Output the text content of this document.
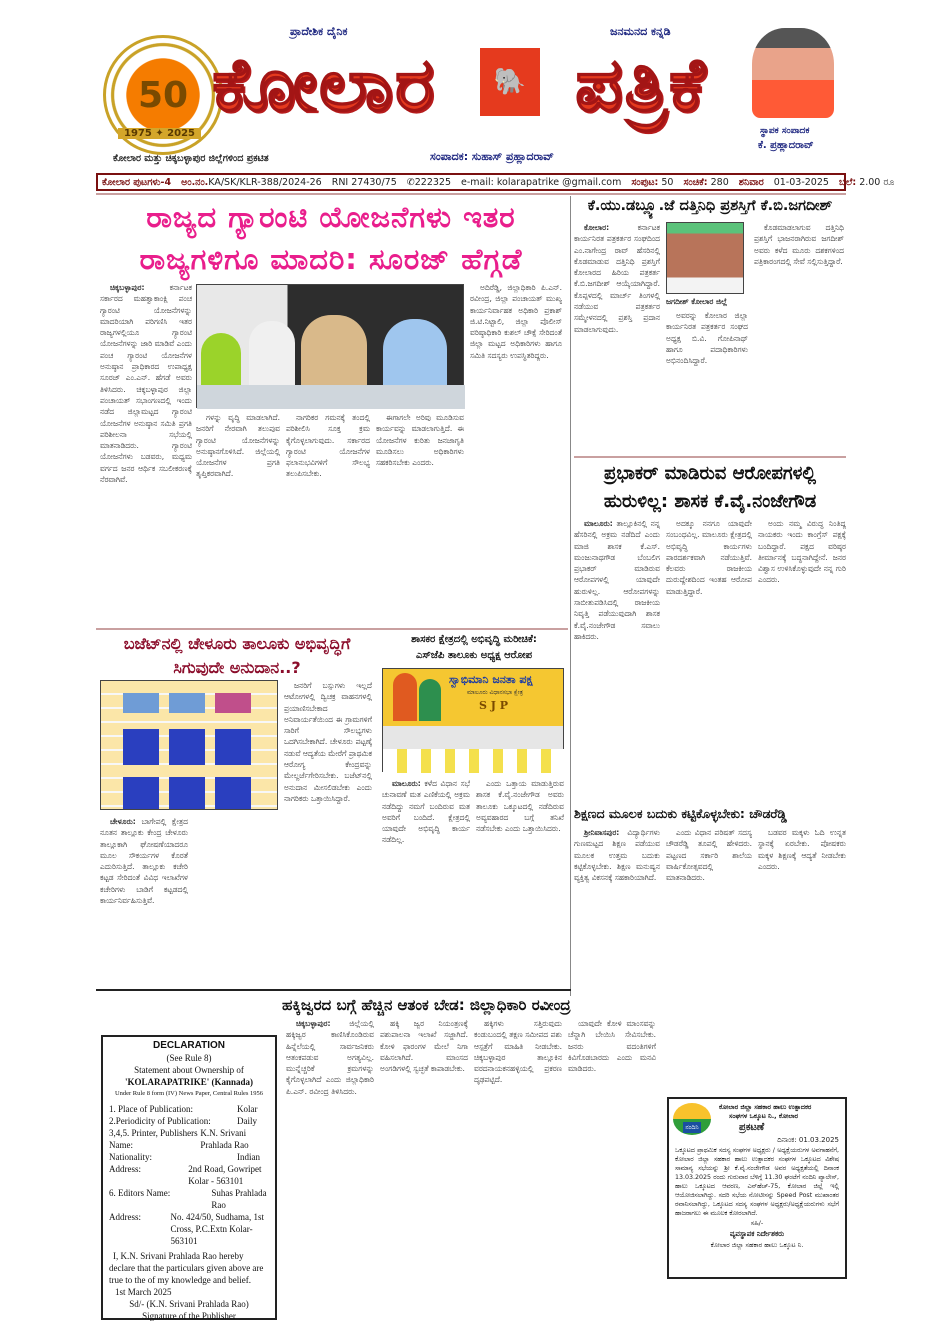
50
1975 ✦ 2025
ಪ್ರಾದೇಶಿಕ ದೈನಿಕ	ಜನಮನದ ಕನ್ನಡಿ
ಕೋಲಾರ	🐘 ಪತ್ರಿಕೆ
ಸ್ಥಾಪಕ ಸಂಪಾದಕ
ಕೆ. ಪ್ರಹ್ಲಾದರಾವ್
ಕೋಲಾರ ಮತ್ತು ಚಿಕ್ಕಬಳ್ಳಾಪುರ ಜಿಲ್ಲೆಗಳಿಂದ ಪ್ರಕಟಿತ	ಸಂಪಾದಕ: ಸುಹಾಸ್ ಪ್ರಹ್ಲಾದರಾವ್
ಕೋಲಾರ ಪುಟಗಳು-4 ಅಂ.ನಂ.KA/SK/KLR-388/2024-26 RNI 27430/75 ✆222325 e-mail: kolarapatrike @gmail.com ಸಂಪುಟ: 50 ಸಂಚಿಕೆ: 280 ಶನಿವಾರ 01-03-2025 ಬೆಲೆ: 2.00 ರೂ
ರಾಜ್ಯದ ಗ್ಯಾರಂಟಿ ಯೋಜನೆಗಳು ಇತರ
ರಾಜ್ಯಗಳಿಗೂ ಮಾದರಿ: ಸೂರಜ್ ಹೆಗ್ಗಡೆ

ಚಿಕ್ಕಬಳ್ಳಾಪುರ:	ಕರ್ನಾಟಕ ಸರ್ಕಾರದ ಮಹತ್ವಾಕಾಂಕ್ಷಿ ಪಂಚ ಗ್ಯಾರಂಟಿ ಯೋಜನೆಗಳನ್ನು ಮಾದರಿಯಾಗಿ ಪರಿಗಣಿಸಿ ಇತರ ರಾಜ್ಯಗಳಲ್ಲಿಯೂ ಗ್ಯಾರಂಟಿ ಯೋಜನೆಗಳನ್ನು ಜಾರಿ ಮಾಡಿವೆ ಎಂದು ಪಂಚ ಗ್ಯಾರಂಟಿ ಯೋಜನೆಗಳ ಅನುಷ್ಠಾನ ಪ್ರಾಧಿಕಾರದ ಉಪಾಧ್ಯಕ್ಷ ಸೂರಜ್ ಎಂ.ಎನ್. ಹೆಗಡೆ ಅವರು ತಿಳಿಸಿದರು. ಚಿಕ್ಕಬಳ್ಳಾಪುರ ಜಿಲ್ಲಾ ಪಂಚಾಯತ್ ಸಭಾಂಗಣದಲ್ಲಿ ಇಂದು ನಡೆದ ಜಿಲ್ಲಾಮಟ್ಟದ ಗ್ಯಾರಂಟಿ ಯೋಜನೆಗಳ ಅನುಷ್ಠಾನ ಸಮಿತಿ ಪ್ರಗತಿ ಪರಿಶೀಲನಾ ಸಭೆಯಲ್ಲಿ ಮಾತನಾಡಿದರು. ಗ್ಯಾರಂಟಿ ಯೋಜನೆಗಳು ಬಡವರು, ಮಧ್ಯಮ ವರ್ಗದ ಜನರ ಆರ್ಥಿಕ ಸಬಲೀಕರಣಕ್ಕೆ ನೆರವಾಗಿವೆ.

ಗಳನ್ನು ವೃದ್ಧಿ ಮಾಡಲಾಗಿದೆ. ಜನರಿಗೆ ನೇರವಾಗಿ ತಲುಪುವ ಗ್ಯಾರಂಟಿ ಯೋಜನೆಗಳನ್ನು ಅನುಷ್ಠಾನಗೊಳಿಸಿದೆ. ಜಿಲ್ಲೆಯಲ್ಲಿ ಯೋಜನೆಗಳ ಪ್ರಗತಿ ತೃಪ್ತಿಕರವಾಗಿದೆ.

ನಾಗರಿಕರ ಗಮನಕ್ಕೆ ತಂದಲ್ಲಿ ಪರಿಶೀಲಿಸಿ ಸೂಕ್ತ ಕ್ರಮ ಕೈಗೊಳ್ಳಲಾಗುವುದು. ಸರ್ಕಾರದ ಗ್ಯಾರಂಟಿ ಯೋಜನೆಗಳ ಫಲಾನುಭವಿಗಳಿಗೆ ಸೌಲಭ್ಯ ತಲುಪಿಸಬೇಕು.

ಈಗಾಗಲೇ ಅರಿವು ಮೂಡಿಸುವ ಕಾರ್ಯವನ್ನು ಮಾಡಲಾಗುತ್ತಿದೆ. ಈ ಯೋಜನೆಗಳ ಕುರಿತು ಜನಜಾಗೃತಿ ಮೂಡಿಸಲು ಅಧಿಕಾರಿಗಳು ಸಹಕರಿಸಬೇಕು ಎಂದರು.

ಅದಿರೆಡ್ಡಿ, ಜಿಲ್ಲಾಧಿಕಾರಿ ಪಿ.ಎನ್. ರವೀಂದ್ರ, ಜಿಲ್ಲಾ ಪಂಚಾಯತ್ ಮುಖ್ಯ ಕಾರ್ಯನಿರ್ವಾಹಕ ಅಧಿಕಾರಿ ಪ್ರಕಾಶ್ ಜಿ.ಟಿ.ನಿಟ್ಟಾಲಿ, ಜಿಲ್ಲಾ ಪೊಲೀಸ್ ವರಿಷ್ಠಾಧಿಕಾರಿ ಕುಶಲ್ ಚೌಕ್ಸೆ ಸೇರಿದಂತೆ ಜಿಲ್ಲಾ ಮಟ್ಟದ ಅಧಿಕಾರಿಗಳು ಹಾಗೂ ಸಮಿತಿ ಸದಸ್ಯರು ಉಪಸ್ಥಿತರಿದ್ದರು.

ಕೆ.ಯು.ಡಬ್ಲ್ಯೂ.ಜೆ ದತ್ತಿನಿಧಿ ಪ್ರಶಸ್ತಿಗೆ ಕೆ.ಬಿ.ಜಗದೀಶ್

ಕೋಲಾರ:	ಕರ್ನಾಟಕ ಕಾರ್ಯನಿರತ ಪತ್ರಕರ್ತರ ಸಂಘದಿಂದ ಎಂ.ನಾಗೇಂದ್ರ ರಾವ್ ಹೆಸರಿನಲ್ಲಿ ಕೊಡಮಾಡುವ ದತ್ತಿನಿಧಿ ಪ್ರಶಸ್ತಿಗೆ ಕೋಲಾರದ ಹಿರಿಯ ಪತ್ರಕರ್ತ ಕೆ.ಬಿ.ಜಗದೀಶ್ ಆಯ್ಕೆಯಾಗಿದ್ದಾರೆ. ಕೊಪ್ಪಳದಲ್ಲಿ ಮಾರ್ಚ್ ತಿಂಗಳಲ್ಲಿ ನಡೆಯುವ ಪತ್ರಕರ್ತರ ಸಮ್ಮೇಳನದಲ್ಲಿ ಪ್ರಶಸ್ತಿ ಪ್ರದಾನ ಮಾಡಲಾಗುವುದು.

ಜಗದೀಶ್ ಕೋಲಾರ ಜಿಲ್ಲೆ

ಅವರನ್ನು ಕೋಲಾರ ಜಿಲ್ಲಾ ಕಾರ್ಯನಿರತ ಪತ್ರಕರ್ತರ ಸಂಘದ ಅಧ್ಯಕ್ಷ ಬಿ.ವಿ. ಗೋಪಿನಾಥ್ ಹಾಗೂ ಪದಾಧಿಕಾರಿಗಳು ಅಭಿನಂದಿಸಿದ್ದಾರೆ.

ಕೊಡಮಾಡಲಾಗುವ ದತ್ತಿನಿಧಿ ಪ್ರಶಸ್ತಿಗೆ ಭಾಜನರಾಗಿರುವ ಜಗದೀಶ್ ಅವರು ಕಳೆದ ಮೂರು ದಶಕಗಳಿಂದ ಪತ್ರಿಕಾರಂಗದಲ್ಲಿ ಸೇವೆ ಸಲ್ಲಿಸುತ್ತಿದ್ದಾರೆ.

ಪ್ರಭಾಕರ್ ಮಾಡಿರುವ ಆರೋಪಗಳಲ್ಲಿ
ಹುರುಳಿಲ್ಲ: ಶಾಸಕ ಕೆ.ವೈ.ನಂಜೇಗೌಡ

ಮಾಲೂರು: ತಾಲ್ಲೂಕಿನಲ್ಲಿ ನನ್ನ ಹೆಸರಿನಲ್ಲಿ ಅಕ್ರಮ ನಡೆದಿದೆ ಎಂದು ಮಾಜಿ ಶಾಸಕ ಕೆ.ಎಸ್. ಮಂಜುನಾಥಗೌಡ ಬೆಂಬಲಿಗ ಪ್ರಭಾಕರ್ ಮಾಡಿರುವ ಆರೋಪಗಳಲ್ಲಿ ಯಾವುದೇ ಹುರುಳಿಲ್ಲ. ಆರೋಪಗಳನ್ನು ಸಾಬೀತುಪಡಿಸಿದಲ್ಲಿ ರಾಜಕೀಯ ನಿವೃತ್ತಿ ಪಡೆಯುವುದಾಗಿ ಶಾಸಕ ಕೆ.ವೈ.ನಂಜೇಗೌಡ ಸವಾಲು ಹಾಕಿದರು.

ಅದಕ್ಕೂ ನನಗೂ ಯಾವುದೇ ಸಂಬಂಧವಿಲ್ಲ. ಮಾಲೂರು ಕ್ಷೇತ್ರದಲ್ಲಿ ಅಭಿವೃದ್ಧಿ ಕಾರ್ಯಗಳು ಪಾರದರ್ಶಕವಾಗಿ ನಡೆಯುತ್ತಿವೆ. ಕೆಲವರು ರಾಜಕೀಯ ದುರುದ್ದೇಶದಿಂದ ಇಂತಹ ಆರೋಪ ಮಾಡುತ್ತಿದ್ದಾರೆ.

ಅಂದು ನಮ್ಮ ವಿರುದ್ಧ ನಿಂತಿದ್ದ ನಾಯಕರು ಇಂದು ಕಾಂಗ್ರೆಸ್ ಪಕ್ಷಕ್ಕೆ ಬಂದಿದ್ದಾರೆ. ಪಕ್ಷದ ವರಿಷ್ಠರ ತೀರ್ಮಾನಕ್ಕೆ ಬದ್ಧನಾಗಿದ್ದೇನೆ. ಜನರ ವಿಶ್ವಾಸ ಉಳಿಸಿಕೊಳ್ಳುವುದೇ ನನ್ನ ಗುರಿ ಎಂದರು.

ಶಿಕ್ಷಣದ ಮೂಲಕ ಬದುಕು ಕಟ್ಟಿಕೊಳ್ಳಬೇಕು: ಚೌಡರೆಡ್ಡಿ

ಶ್ರೀನಿವಾಸಪುರ: ವಿದ್ಯಾರ್ಥಿಗಳು ಗುಣಮಟ್ಟದ ಶಿಕ್ಷಣ ಪಡೆಯುವ ಮೂಲಕ ಉತ್ತಮ ಬದುಕು ಕಟ್ಟಿಕೊಳ್ಳಬೇಕು. ಶಿಕ್ಷಣ ಮನುಷ್ಯನ ವ್ಯಕ್ತಿತ್ವ ವಿಕಸನಕ್ಕೆ ಸಹಕಾರಿಯಾಗಿದೆ.

ಎಂದು ವಿಧಾನ ಪರಿಷತ್ ಸದಸ್ಯ ಚೌಡರೆಡ್ಡಿ ತೂಪಲ್ಲಿ ಹೇಳಿದರು. ಪಟ್ಟಣದ ಸರ್ಕಾರಿ ಶಾಲೆಯ ವಾರ್ಷಿಕೋತ್ಸವದಲ್ಲಿ ಮಾತನಾಡಿದರು.

ಬಡವರ ಮಕ್ಕಳು ಓದಿ ಉನ್ನತ ಸ್ಥಾನಕ್ಕೆ ಏರಬೇಕು. ಪೋಷಕರು ಮಕ್ಕಳ ಶಿಕ್ಷಣಕ್ಕೆ ಆದ್ಯತೆ ನೀಡಬೇಕು ಎಂದರು.

ಬಜೆಟ್‌ನಲ್ಲಿ ಚೇಳೂರು ತಾಲೂಕು ಅಭಿವೃದ್ಧಿಗೆ
ಸಿಗುವುದೇ ಅನುದಾನ..?

ಚೇಳೂರು: ಬಾಗೇಪಲ್ಲಿ ಕ್ಷೇತ್ರದ ನೂತನ ತಾಲ್ಲೂಕು ಕೇಂದ್ರ ಚೇಳೂರು ತಾಲ್ಲೂಕಾಗಿ ಘೋಷಣೆಯಾದರೂ ಮೂಲ ಸೌಕರ್ಯಗಳ ಕೊರತೆ ಎದುರಿಸುತ್ತಿದೆ. ತಾಲ್ಲೂಕು ಕಚೇರಿ ಕಟ್ಟಡ ಸೇರಿದಂತೆ ವಿವಿಧ ಇಲಾಖೆಗಳ ಕಚೇರಿಗಳು ಬಾಡಿಗೆ ಕಟ್ಟಡದಲ್ಲಿ ಕಾರ್ಯನಿರ್ವಹಿಸುತ್ತಿವೆ.

ಜನರಿಗೆ ಬಸ್ಸುಗಳು ಇಲ್ಲದೆ ಆಟೋಗಳಲ್ಲಿ ದ್ವಿಚಕ್ರ ವಾಹನಗಳಲ್ಲಿ ಪ್ರಯಾಣಿಸಬೇಕಾದ ಅನಿವಾರ್ಯತೆಯಿಂದ ಈ ಗ್ರಾಮಗಳಿಗೆ ಸಾರಿಗೆ ಸೌಲಭ್ಯಗಳು ಒದಗಿಸಬೇಕಾಗಿದೆ. ಚೇಳೂರು ಪಟ್ಟಣ್ಕೆ ನಡುವೆ ಆದ್ಯತೆಯ ಮೇರೆಗೆ ಪ್ರಾಥಮಿಕ ಆರೋಗ್ಯ ಕೇಂದ್ರವನ್ನು ಮೇಲ್ದರ್ಜೆಗೇರಿಸಬೇಕು. ಬಜೆಟ್‌ನಲ್ಲಿ ಅನುದಾನ ಮೀಸಲಿಡಬೇಕು ಎಂದು ನಾಗರಿಕರು ಒತ್ತಾಯಿಸಿದ್ದಾರೆ.

ಶಾಸಕರ ಕ್ಷೇತ್ರದಲ್ಲಿ ಅಭಿವೃದ್ಧಿ ಮರೀಚಿಕೆ:
ಎಸ್‌ಜೆಪಿ ತಾಲೂಕು ಅಧ್ಯಕ್ಷ ಆರೋಪ
ಸ್ವಾಭಿಮಾನಿ ಜನತಾ ಪಕ್ಷ
ಮಾಲೂರು ವಿಧಾನಸಭಾ ಕ್ಷೇತ್ರ
S J P

ಮಾಲೂರು: ಕಳೆದ ವಿಧಾನ ಸಭೆ ಚುನಾವಣೆ ಮತ ಎಣಿಕೆಯಲ್ಲಿ ಅಕ್ರಮ ನಡೆದಿದ್ದು ನಮಗೆ ಬಂದಿರುವ ಮತ ಅವರಿಗೆ ಬಂದಿದೆ. ಕ್ಷೇತ್ರದಲ್ಲಿ ಯಾವುದೇ ಅಭಿವೃದ್ಧಿ ಕಾರ್ಯ ನಡೆದಿಲ್ಲ.

ಎಂದು ಒತ್ತಾಯ ಮಾಡುತ್ತಿರುವ ಶಾಸಕ ಕೆ.ವೈ.ನಂಜೇಗೌಡ ಅವರು ತಾಲೂಕು ಒಕ್ಕೂಟದಲ್ಲಿ ನಡೆದಿರುವ ಅವ್ಯವಹಾರದ ಬಗ್ಗೆ ತನಿಖೆ ನಡೆಸಬೇಕು ಎಂದು ಒತ್ತಾಯಿಸಿದರು.

DECLARATION
(See Rule 8)
Statement about Ownership of
'KOLARAPATRIKE' (Kannada)
Under Rule 8 form (IV) News Paper, Central Rules 1956
1. Place of Publication:	Kolar
2.Periodicity of Publication:	Daily
3,4,5. Printer, Publishers Name:
K.N. Srivani Prahlada Rao
Nationality:	Indian
Address:	2nd Road, Gowripet Kolar - 563101
6. Editors Name:	Suhas Prahlada Rao
Address:	No. 424/50, Sudhama, 1st Cross, P.C.Extn Kolar-563101
I, K.N. Srivani Prahlada Rao hereby declare that the particulars given above are true to the of my knowledge and belief.
1st March 2025
Sd/- (K.N. Srivani Prahlada Rao)
Signature of the Publisher
ಹಕ್ಕಿಜ್ವರದ ಬಗ್ಗೆ ಹೆಚ್ಚಿನ ಆತಂಕ ಬೇಡ: ಜಿಲ್ಲಾಧಿಕಾರಿ ರವೀಂದ್ರ

ಚಿಕ್ಕಬಳ್ಳಾಪುರ: ಜಿಲ್ಲೆಯಲ್ಲಿ ಹಕ್ಕಿಜ್ವರ ಕಾಣಿಸಿಕೊಂಡಿರುವ ಹಿನ್ನೆಲೆಯಲ್ಲಿ ಸಾರ್ವಜನಿಕರು ಆತಂಕಪಡುವ ಅಗತ್ಯವಿಲ್ಲ. ಮುನ್ನೆಚ್ಚರಿಕೆ ಕ್ರಮಗಳನ್ನು ಕೈಗೊಳ್ಳಲಾಗಿದೆ ಎಂದು ಜಿಲ್ಲಾಧಿಕಾರಿ ಪಿ.ಎನ್. ರವೀಂದ್ರ ತಿಳಿಸಿದರು.

ಹಕ್ಕಿ ಜ್ವರ ನಿಯಂತ್ರಣಕ್ಕೆ ಪಶುಪಾಲನಾ ಇಲಾಖೆ ಸಜ್ಜಾಗಿದೆ. ಕೋಳಿ ಫಾರಂಗಳ ಮೇಲೆ ನಿಗಾ ವಹಿಸಲಾಗಿದೆ. ಮಾಂಸದ ಅಂಗಡಿಗಳಲ್ಲಿ ಸ್ವಚ್ಛತೆ ಕಾಪಾಡಬೇಕು.

ಹಕ್ಕಿಗಳು ಸತ್ತಿರುವುದು ಕಂಡುಬಂದಲ್ಲಿ ತಕ್ಷಣ ಸಮೀಪದ ಪಶು ಆಸ್ಪತ್ರೆಗೆ ಮಾಹಿತಿ ನೀಡಬೇಕು. ಚಿಕ್ಕಬಳ್ಳಾಪುರ ತಾಲ್ಲೂಕಿನ ವರದನಾಯಕನಹಳ್ಳಿಯಲ್ಲಿ ಪ್ರಕರಣ ದೃಢಪಟ್ಟಿದೆ.

ಯಾವುದೇ ಕೋಳಿ ಮಾಂಸವನ್ನು ಚೆನ್ನಾಗಿ ಬೇಯಿಸಿ ಸೇವಿಸಬೇಕು. ಜನರು ವದಂತಿಗಳಿಗೆ ಕಿವಿಗೊಡಬಾರದು ಎಂದು ಮನವಿ ಮಾಡಿದರು.

ನಂದಿನಿ
ಕೋಲಾರ ಜಿಲ್ಲಾ ಸಹಕಾರ ಹಾಲು ಉತ್ಪಾದಕರ
ಸಂಘಗಳ ಒಕ್ಕೂಟ ನಿ., ಕೋಲಾರ
ಪ್ರಕಟಣೆ
ದಿನಾಂಕ: 01.03.2025
ಒಕ್ಕೂಟದ ಪ್ರಾಥಮಿಕ ಸದಸ್ಯ ಸಂಘಗಳ ಅಧ್ಯಕ್ಷರು / ಅಧ್ಯಕ್ಷೆಯರುಗಳ ಅವಗಾಹನೆಗೆ, ಕೋಲಾರ ಜಿಲ್ಲಾ ಸಹಕಾರ ಹಾಲು ಉತ್ಪಾದಕರ ಸಂಘಗಳ ಒಕ್ಕೂಟದ ವಿಶೇಷ ಸಾಮಾನ್ಯ ಸಭೆಯನ್ನು ಶ್ರೀ ಕೆ.ವೈ.ನಂಜೇಗೌಡ ಅವರ ಅಧ್ಯಕ್ಷತೆಯಲ್ಲಿ ದಿನಾಂಕ 13.03.2025 ರಂದು ಗುರುವಾರ ಬೆಳಿಗ್ಗೆ 11.30 ಘಂಟೆಗೆ ನಂದಿನಿ ಪ್ಯಾಲೇಸ್, ಹಾಲು ಒಕ್ಕೂಟದ ಆವರಣ, ಎನ್‌ಹೆಚ್-75, ಕೋಲಾರ ಜಿಲ್ಲೆ ಇಲ್ಲಿ ಆಯೋಜಿಸಲಾಗಿದ್ದು. ಸದರಿ ಸಭೆಯ ನೋಟೀಸನ್ನು Speed Post ಮುಖಾಂತರ ರವಾನಿಸಲಾಗಿದ್ದು, ಒಕ್ಕೂಟದ ಸದಸ್ಯ ಸಂಘಗಳ ಅಧ್ಯಕ್ಷರು/ಅಧ್ಯಕ್ಷೆಯರುಗಳು ಸಭೆಗೆ ಹಾಜರಾಗಲು ಈ ಮೂಲಕ ಕೋರಲಾಗಿದೆ.
ಸಹಿ/-
ವ್ಯವಸ್ಥಾಪಕ ನಿರ್ದೇಶಕರು
ಕೋಲಾರ ಜಿಲ್ಲಾ ಸಹಕಾರ ಹಾಲು ಒಕ್ಕೂಟ ನಿ.
